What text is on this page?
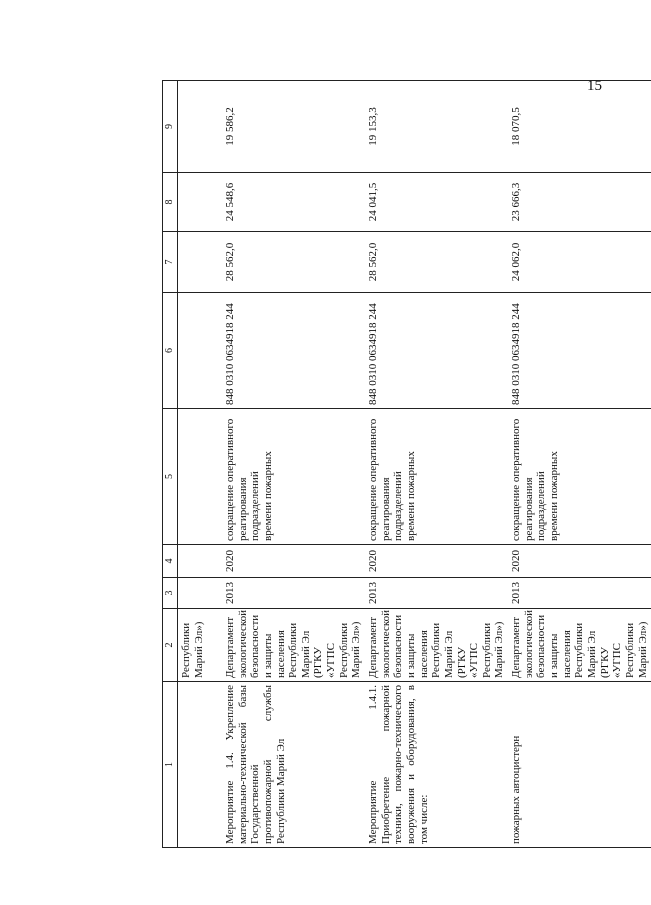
15
1	2	3	4	5	6	7	8	9
	Республики Марий Эл»)							
Мероприятие 1.4. Укрепление материально-технической базы Государственной противопожарной службы Республики Марий Эл	Департамент экологической безопасности и защиты населения Республики Марий Эл (РГКУ «УГПС Республики Марий Эл»)	2013	2020	сокращение оперативного реагирования подразделений времени пожарных	848 0310 0634918 244	28 562,0	24 548,6	19 586,2
Мероприятие 1.4.1. Приобретение пожарной техники, пожарно-технического вооружения и оборудования, в том числе:	Департамент экологической безопасности и защиты населения Республики Марий Эл (РГКУ «УГПС Республики Марий Эл»)	2013	2020	сокращение оперативного реагирования подразделений времени пожарных	848 0310 0634918 244	28 562,0	24 041,5	19 153,3
пожарных автоцистерн	Департамент экологической безопасности и защиты населения Республики Марий Эл (РГКУ «УГПС Республики Марий Эл»)	2013	2020	сокращение оперативного реагирования подразделений времени пожарных	848 0310 0634918 244	24 062,0	23 666,3	18 070,5
